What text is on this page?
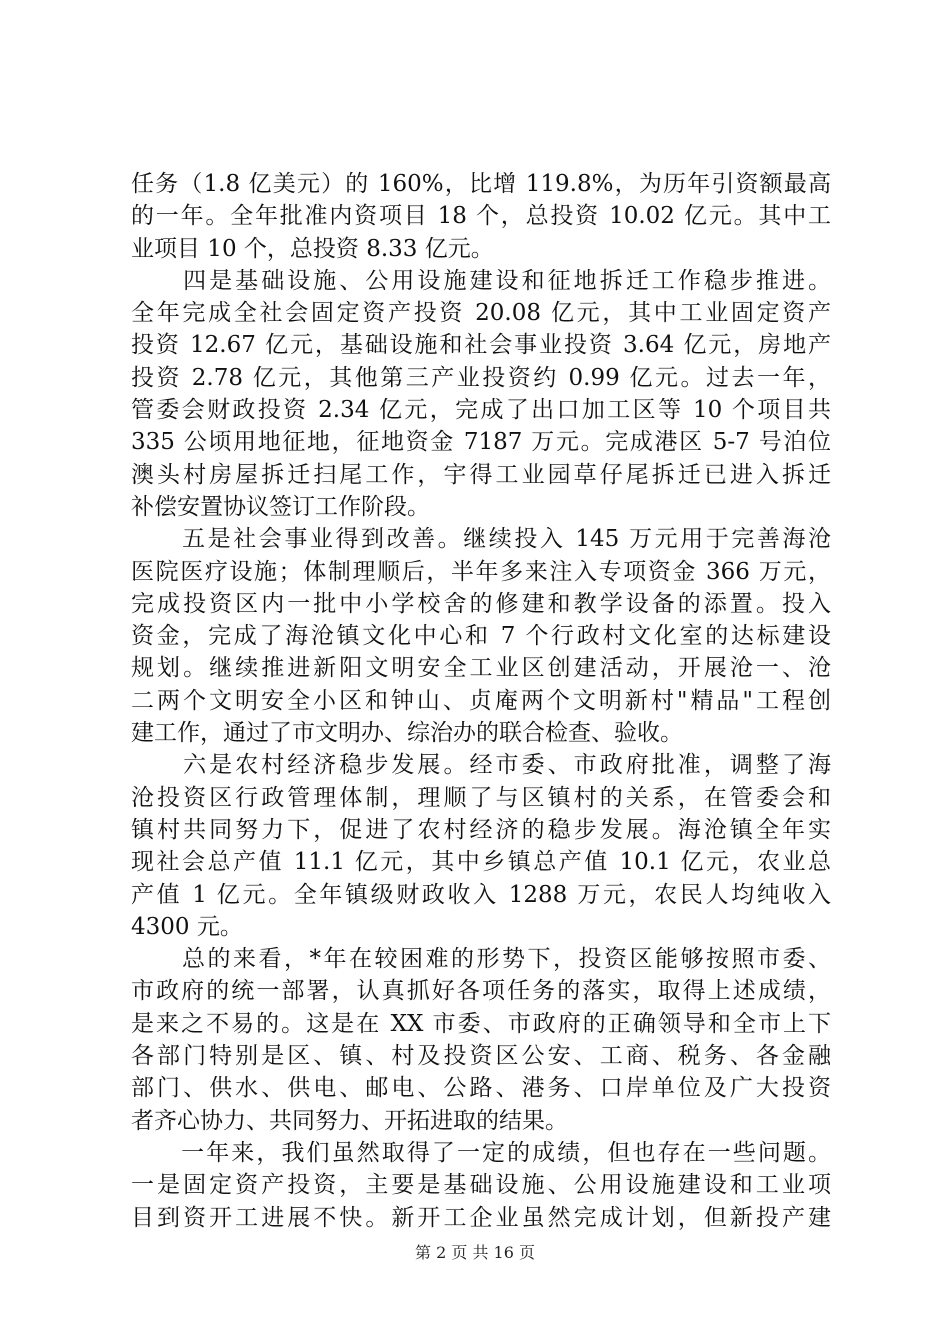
任务（1.8 亿美元）的 160%，比增 119.8%，为历年引资额最高
的一年。全年批准内资项目 18 个，总投资 10.02 亿元。其中工
业项目 10 个，总投资 8.33 亿元。
　　四是基础设施、公用设施建设和征地拆迁工作稳步推进。
全年完成全社会固定资产投资 20.08 亿元，其中工业固定资产
投资 12.67 亿元，基础设施和社会事业投资 3.64 亿元，房地产
投资 2.78 亿元，其他第三产业投资约 0.99 亿元。过去一年，
管委会财政投资 2.34 亿元，完成了出口加工区等 10 个项目共
335 公顷用地征地，征地资金 7187 万元。完成港区 5-7 号泊位
澳头村房屋拆迁扫尾工作，宇得工业园草仔尾拆迁已进入拆迁
补偿安置协议签订工作阶段。
　　五是社会事业得到改善。继续投入 145 万元用于完善海沧
医院医疗设施；体制理顺后，半年多来注入专项资金 366 万元，
完成投资区内一批中小学校舍的修建和教学设备的添置。投入
资金，完成了海沧镇文化中心和 7 个行政村文化室的达标建设
规划。继续推进新阳文明安全工业区创建活动，开展沧一、沧
二两个文明安全小区和钟山、贞庵两个文明新村"精品"工程创
建工作，通过了市文明办、综治办的联合检查、验收。
　　六是农村经济稳步发展。经市委、市政府批准，调整了海
沧投资区行政管理体制，理顺了与区镇村的关系，在管委会和
镇村共同努力下，促进了农村经济的稳步发展。海沧镇全年实
现社会总产值 11.1 亿元，其中乡镇总产值 10.1 亿元，农业总
产值 1 亿元。全年镇级财政收入 1288 万元，农民人均纯收入
4300 元。
　　总的来看，*年在较困难的形势下，投资区能够按照市委、
市政府的统一部署，认真抓好各项任务的落实，取得上述成绩，
是来之不易的。这是在 XX 市委、市政府的正确领导和全市上下
各部门特别是区、镇、村及投资区公安、工商、税务、各金融
部门、供水、供电、邮电、公路、港务、口岸单位及广大投资
者齐心协力、共同努力、开拓进取的结果。
　　一年来，我们虽然取得了一定的成绩，但也存在一些问题。
一是固定资产投资，主要是基础设施、公用设施建设和工业项
目到资开工进展不快。新开工企业虽然完成计划，但新投产建
第 2 页 共 16 页
